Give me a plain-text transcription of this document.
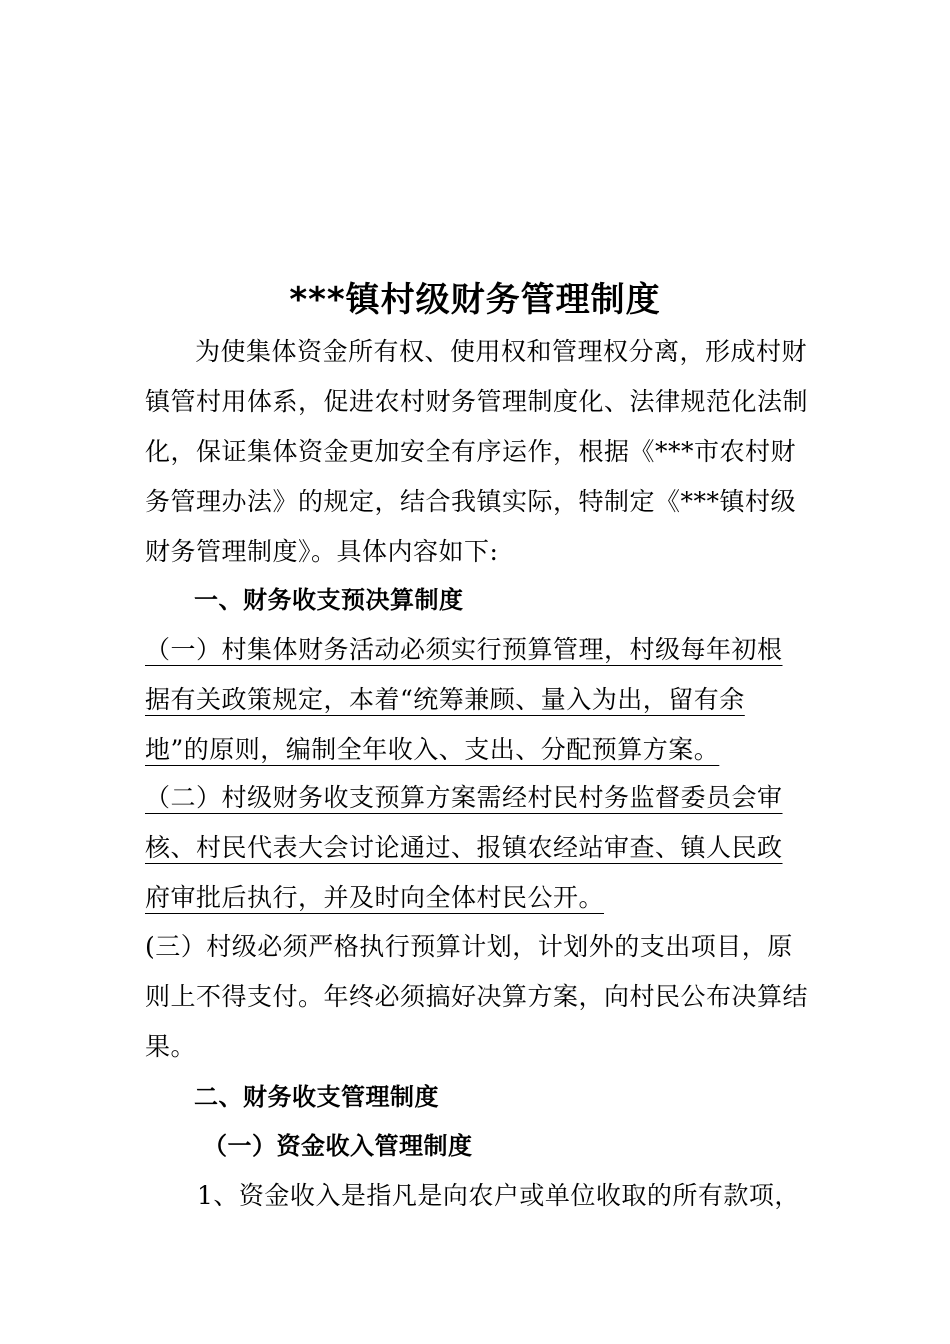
***镇村级财务管理制度
为使集体资金所有权、使用权和管理权分离，形成村财镇管村用体系，促进农村财务管理制度化、法律规范化法制化，保证集体资金更加安全有序运作，根据《***市农村财务管理办法》的规定，结合我镇实际，特制定《***镇村级财务管理制度》。具体内容如下:
一、财务收支预决算制度
（一）村集体财务活动必须实行预算管理，村级每年初根据有关政策规定，本着“统筹兼顾、量入为出，留有余地”的原则，编制全年收入、支出、分配预算方案。
（二）村级财务收支预算方案需经村民村务监督委员会审核、村民代表大会讨论通过、报镇农经站审查、镇人民政府审批后执行，并及时向全体村民公开。
(三）村级必须严格执行预算计划，计划外的支出项目，原则上不得支付。年终必须搞好决算方案，向村民公布决算结果。
二、财务收支管理制度
（一）资金收入管理制度
1、资金收入是指凡是向农户或单位收取的所有款项，
